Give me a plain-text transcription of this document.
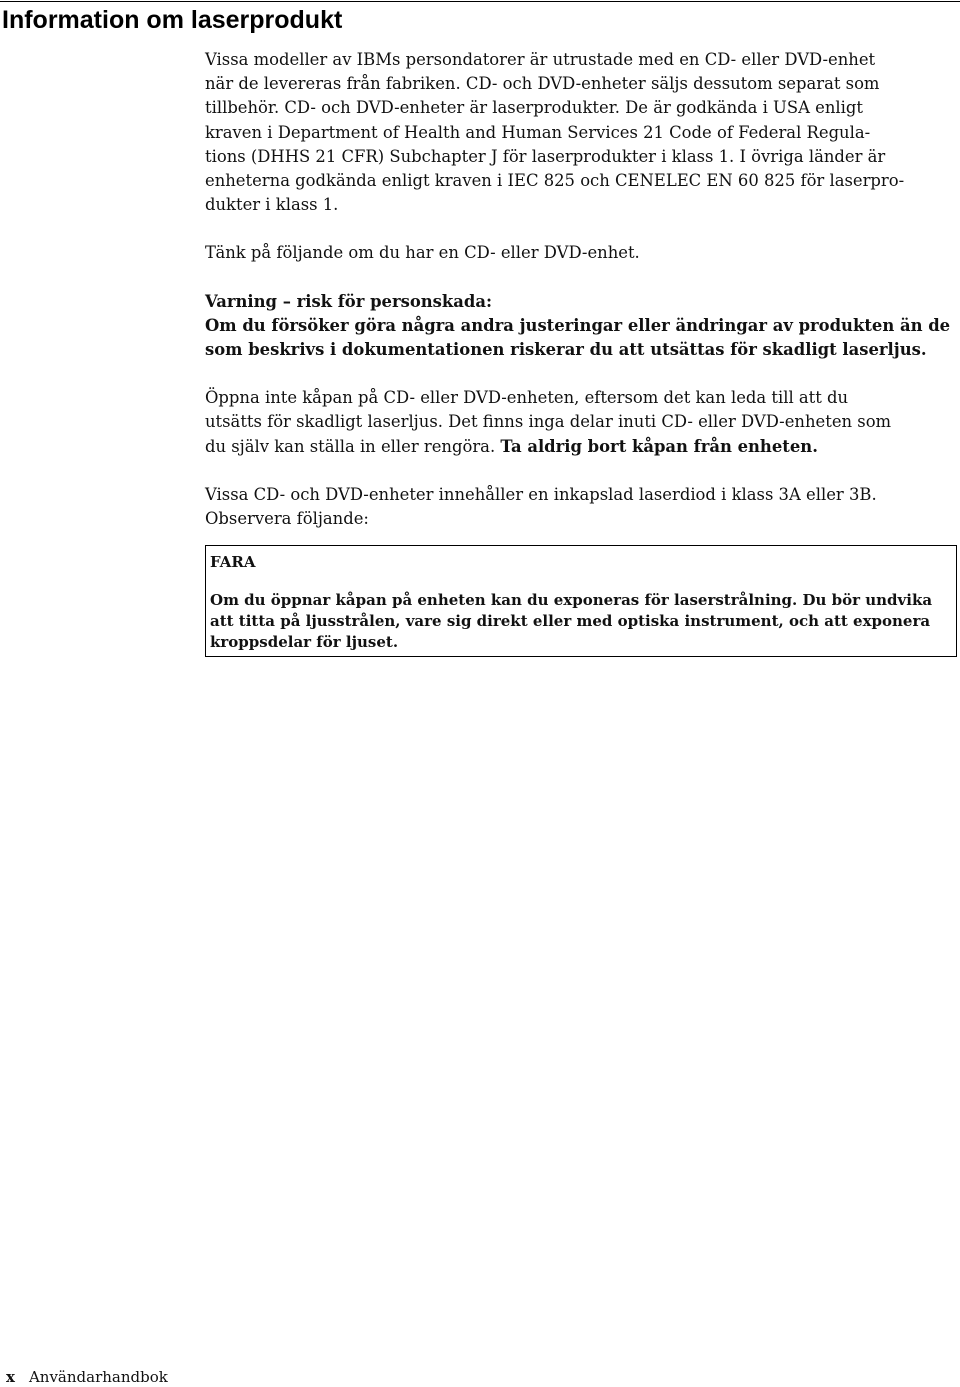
Information om laserprodukt
Vissa modeller av IBMs persondatorer är utrustade med en CD- eller DVD-enhet
när de levereras från fabriken. CD- och DVD-enheter säljs dessutom separat som
tillbehör. CD- och DVD-enheter är laserprodukter. De är godkända i USA enligt
kraven i Department of Health and Human Services 21 Code of Federal Regula-
tions (DHHS 21 CFR) Subchapter J för laserprodukter i klass 1. I övriga länder är
enheterna godkända enligt kraven i IEC 825 och CENELEC EN 60 825 för laserpro-
dukter i klass 1.
Tänk på följande om du har en CD- eller DVD-enhet.
Varning – risk för personskada:
Om du försöker göra några andra justeringar eller ändringar av produkten än de
som beskrivs i dokumentationen riskerar du att utsättas för skadligt laserljus.
Öppna inte kåpan på CD- eller DVD-enheten, eftersom det kan leda till att du
utsätts för skadligt laserljus. Det finns inga delar inuti CD- eller DVD-enheten som
du själv kan ställa in eller rengöra. Ta aldrig bort kåpan från enheten.
Vissa CD- och DVD-enheter innehåller en inkapslad laserdiod i klass 3A eller 3B.
Observera följande:
FARA
Om du öppnar kåpan på enheten kan du exponeras för laserstrålning. Du bör undvika
att titta på ljusstrålen, vare sig direkt eller med optiska instrument, och att exponera
kroppsdelar för ljuset.
x Användarhandbok
